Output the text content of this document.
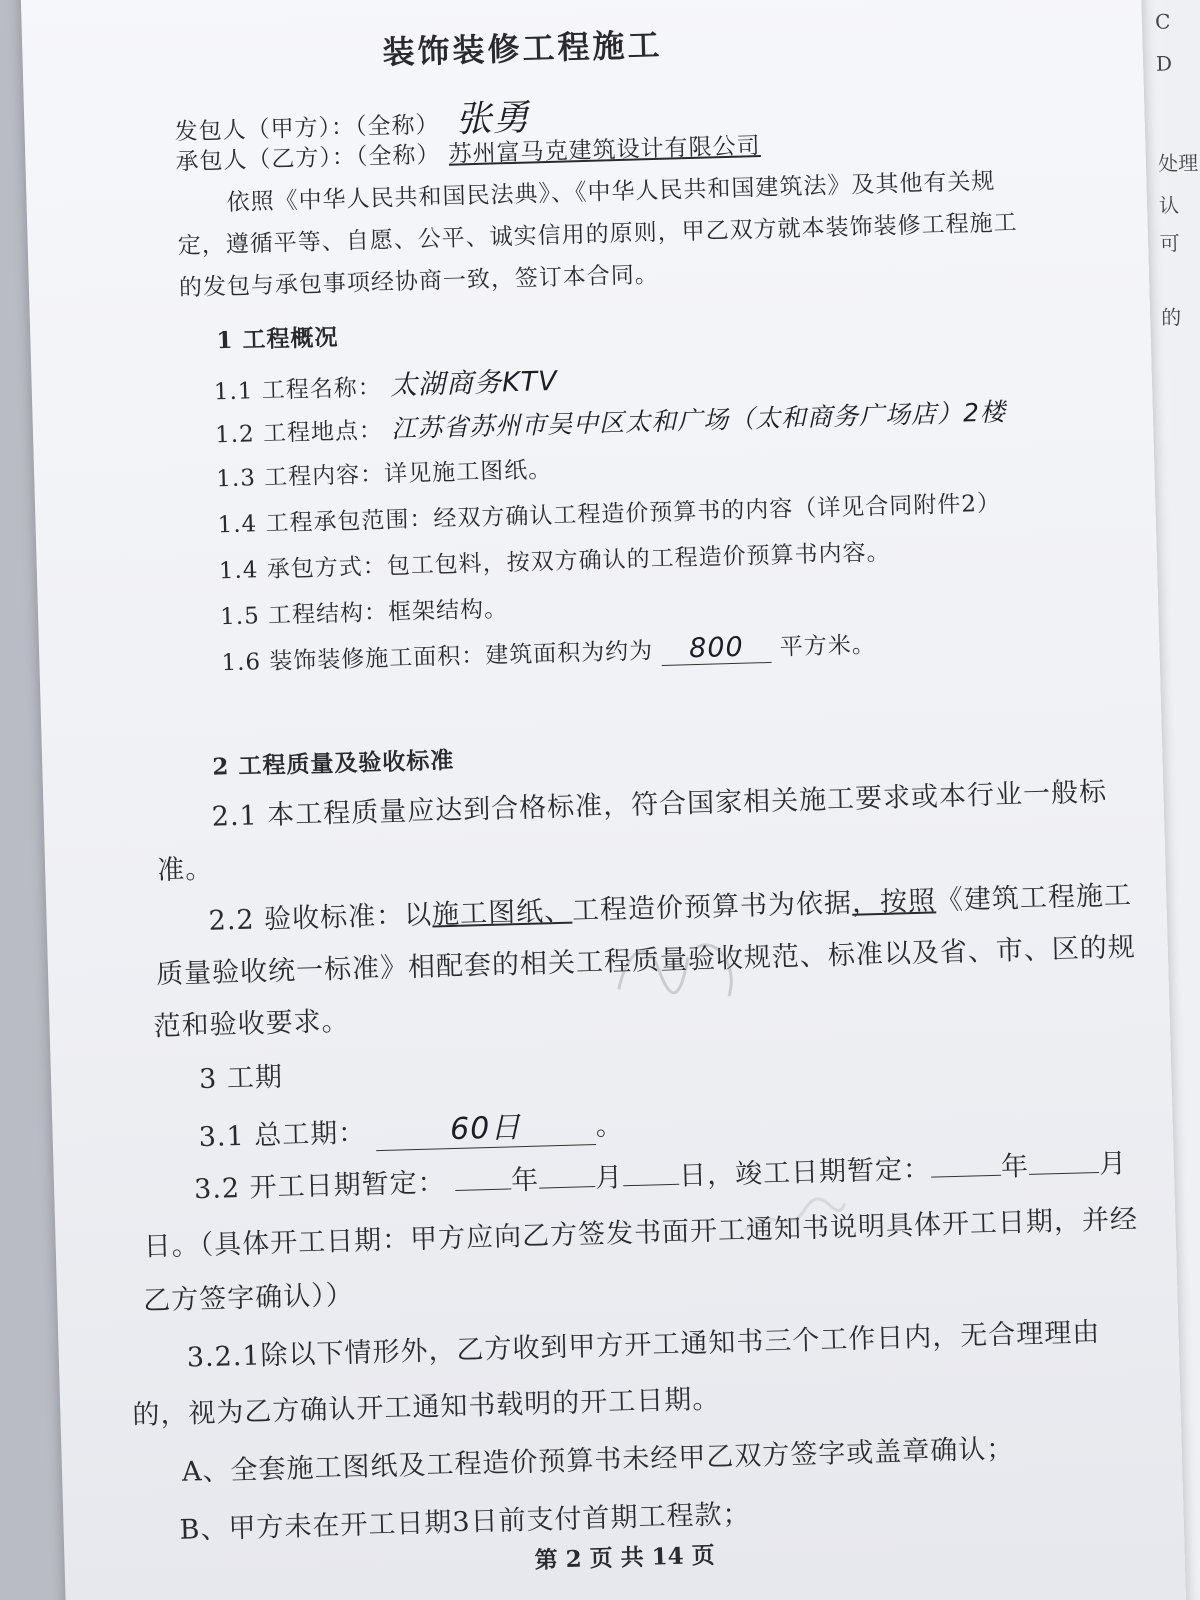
C
D
处理
认
可
的
装饰装修工程施工
发包人（甲方）：（全称） 张勇
承包人（乙方）：（全称） 苏州富马克建筑设计有限公司
依照《中华人民共和国民法典》、《中华人民共和国建筑法》及其他有关规
定，遵循平等、自愿、公平、诚实信用的原则，甲乙双方就本装饰装修工程施工
的发包与承包事项经协商一致，签订本合同。
1 工程概况
1.1 工程名称： 太湖商务KTV
1.2 工程地点： 江苏省苏州市吴中区太和广场（太和商务广场店）2楼
1.3 工程内容：详见施工图纸。
1.4 工程承包范围：经双方确认工程造价预算书的内容（详见合同附件2）
1.4 承包方式：包工包料，按双方确认的工程造价预算书内容。
1.5 工程结构：框架结构。
1.6 装饰装修施工面积：建筑面积为约为 800 平方米。
2 工程质量及验收标准
2.1 本工程质量应达到合格标准，符合国家相关施工要求或本行业一般标
准。
2.2 验收标准：以施工图纸、工程造价预算书为依据，按照《建筑工程施工
质量验收统一标准》相配套的相关工程质量验收规范、标准以及省、市、区的规
范和验收要求。
3 工期
3.1 总工期：	60日	。
3.2 开工日期暂定： 年 月 日，竣工日期暂定：	年	月
日。（具体开工日期：甲方应向乙方签发书面开工通知书说明具体开工日期，并经
乙方签字确认））
3.2.1除以下情形外，乙方收到甲方开工通知书三个工作日内，无合理理由
的，视为乙方确认开工通知书载明的开工日期。
A、全套施工图纸及工程造价预算书未经甲乙双方签字或盖章确认；
B、甲方未在开工日期3日前支付首期工程款；
第 2 页 共 14 页
